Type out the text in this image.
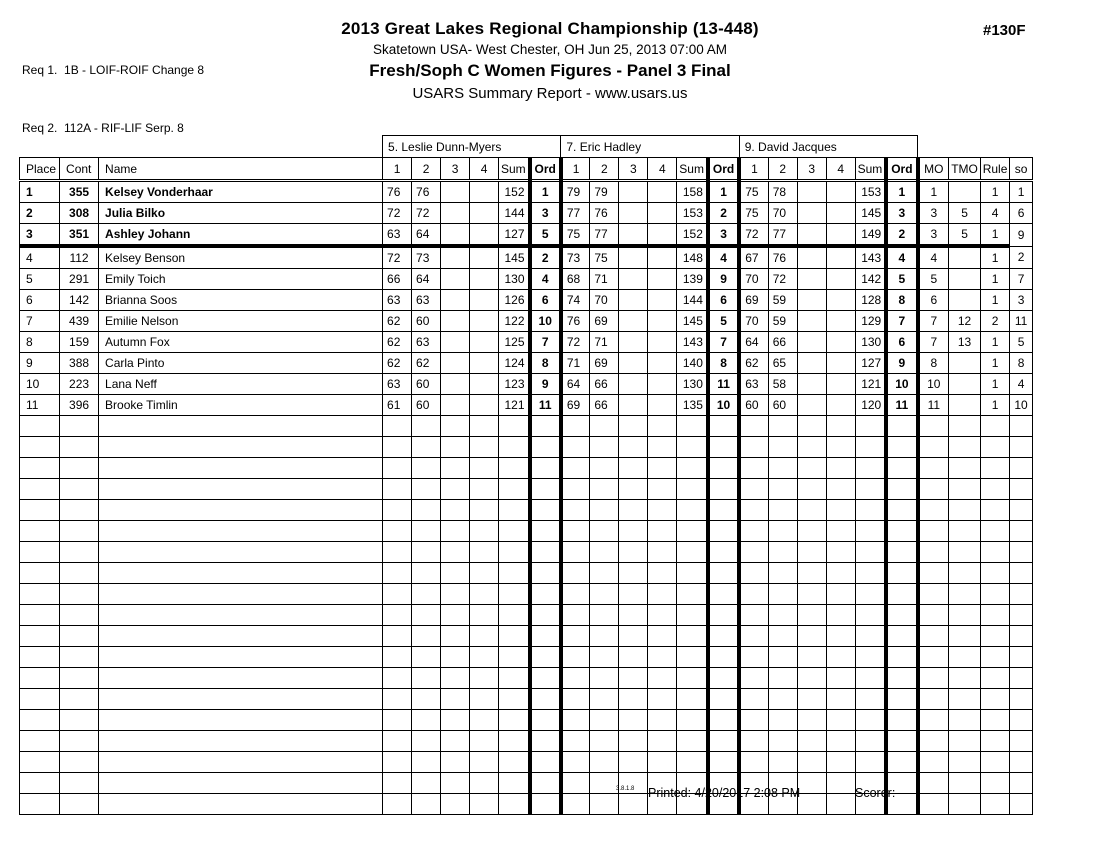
Req 1.  1B - LOIF-ROIF Change 8

Req 2.  112A - RIF-LIF Serp. 8

2013 Great Lakes Regional Championship (13-448)
Skatetown USA- West Chester, OH Jun 25, 2013 07:00 AM
Fresh/Soph C Women Figures - Panel 3 Final
USARS Summary Report - www.usars.us
#130F
			5. Leslie Dunn-Myers						7. Eric Hadley						9. David Jacques									
Place	Cont	Name	1	2	3	4	Sum	Ord	1	2	3	4	Sum	Ord	1	2	3	4	Sum	Ord	MO	TMO	Rule	so
1	355	Kelsey Vonderhaar	76	76			152	1	79	79			158	1	75	78			153	1	1		1	1
2	308	Julia Bilko	72	72			144	3	77	76			153	2	75	70			145	3	3	5	4	6
3	351	Ashley Johann	63	64			127	5	75	77			152	3	72	77			149	2	3	5	1	9
4	112	Kelsey Benson	72	73			145	2	73	75			148	4	67	76			143	4	4		1	2
5	291	Emily Toich	66	64			130	4	68	71			139	9	70	72			142	5	5		1	7
6	142	Brianna Soos	63	63			126	6	74	70			144	6	69	59			128	8	6		1	3
7	439	Emilie Nelson	62	60			122	10	76	69			145	5	70	59			129	7	7	12	2	11
8	159	Autumn Fox	62	63			125	7	72	71			143	7	64	66			130	6	7	13	1	5
9	388	Carla Pinto	62	62			124	8	71	69			140	8	62	65			127	9	8		1	8
10	223	Lana Neff	63	60			123	9	64	66			130	11	63	58			121	10	10		1	4
11	396	Brooke Timlin	61	60			121	11	69	66			135	10	60	60			120	11	11		1	10

3.8.1.8 Printed: 4/20/2017 2:08 PM	Scorer:
